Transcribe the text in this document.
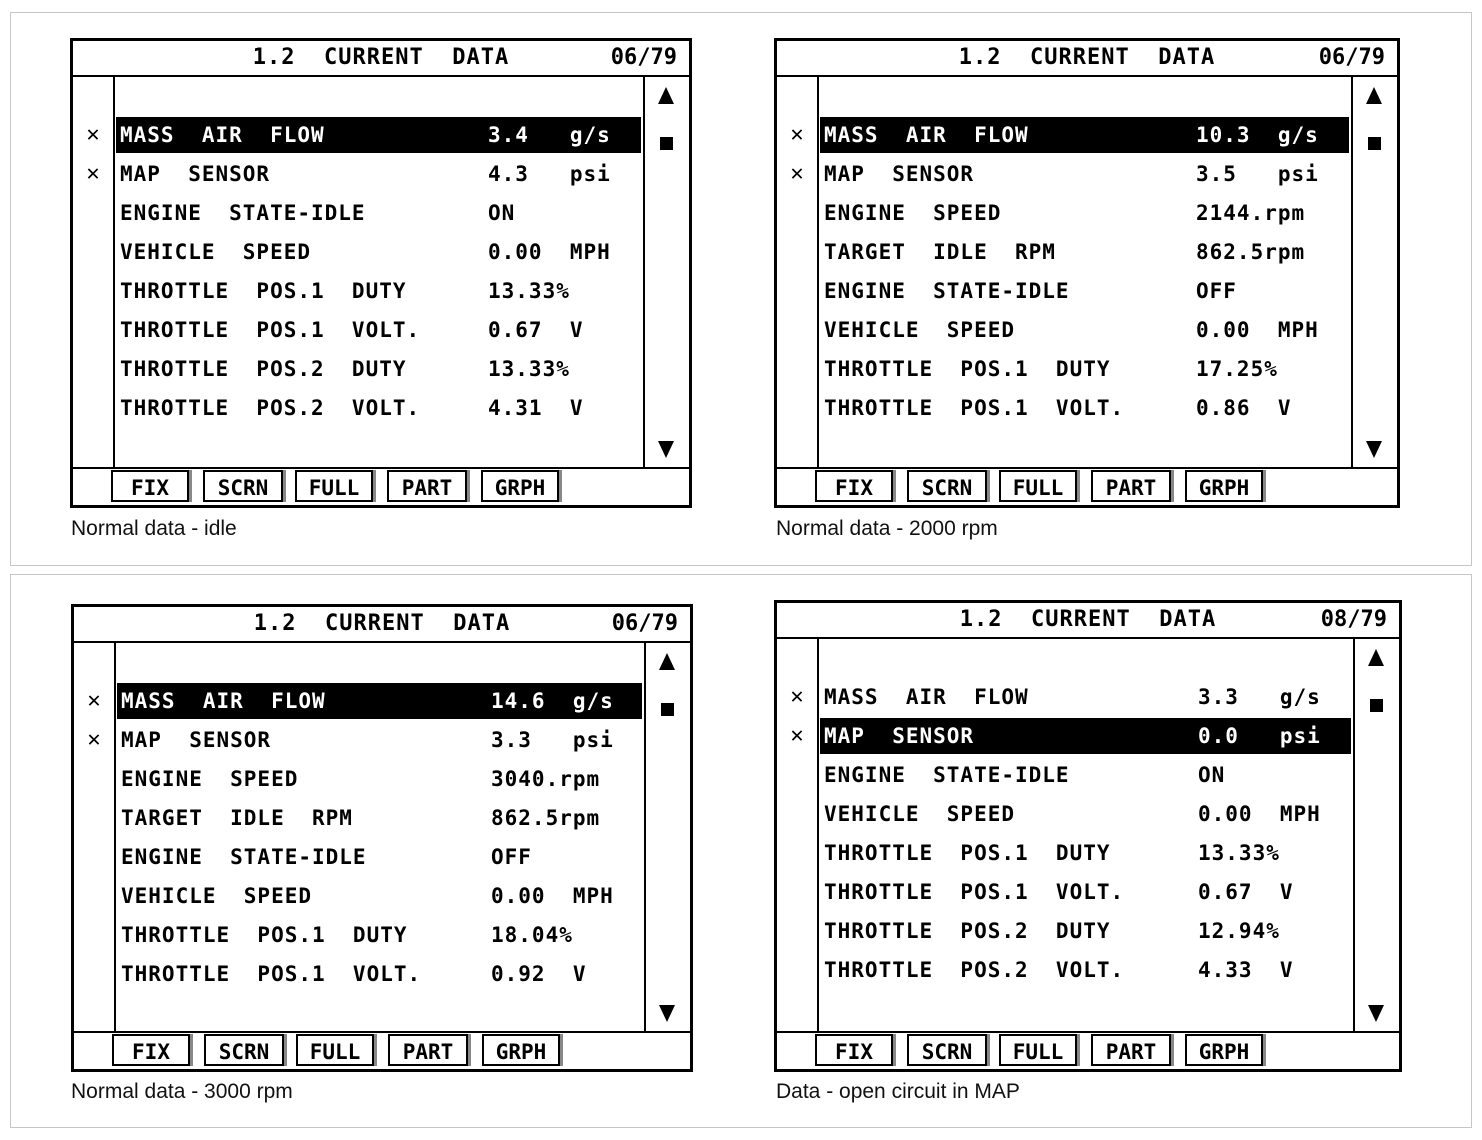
1.2  CURRENT  DATA	06/79
✕ MASS  AIR  FLOW	3.4   g/s
✕ MAP  SENSOR	4.3   psi
ENGINE  STATE-IDLE	ON
VEHICLE  SPEED	0.00  MPH
THROTTLE  POS.1  DUTY	13.33%
THROTTLE  POS.1  VOLT.	0.67  V
THROTTLE  POS.2  DUTY	13.33%
THROTTLE  POS.2  VOLT.	4.31  V
FIX	SCRN	FULL	PART	GRPH
Normal data - idle
1.2  CURRENT  DATA	06/79
✕ MASS  AIR  FLOW	10.3  g/s
✕ MAP  SENSOR	3.5   psi
ENGINE  SPEED	2144.rpm
TARGET  IDLE  RPM	862.5rpm
ENGINE  STATE-IDLE	OFF
VEHICLE  SPEED	0.00  MPH
THROTTLE  POS.1  DUTY	17.25%
THROTTLE  POS.1  VOLT.	0.86  V
FIX	SCRN	FULL	PART	GRPH
Normal data - 2000 rpm
1.2  CURRENT  DATA	06/79
✕ MASS  AIR  FLOW	14.6  g/s
✕ MAP  SENSOR	3.3   psi
ENGINE  SPEED	3040.rpm
TARGET  IDLE  RPM	862.5rpm
ENGINE  STATE-IDLE	OFF
VEHICLE  SPEED	0.00  MPH
THROTTLE  POS.1  DUTY	18.04%
THROTTLE  POS.1  VOLT.	0.92  V
FIX	SCRN	FULL	PART	GRPH
Normal data - 3000 rpm
1.2  CURRENT  DATA	08/79
✕ MASS  AIR  FLOW	3.3   g/s
✕ MAP  SENSOR	0.0   psi
ENGINE  STATE-IDLE	ON
VEHICLE  SPEED	0.00  MPH
THROTTLE  POS.1  DUTY	13.33%
THROTTLE  POS.1  VOLT.	0.67  V
THROTTLE  POS.2  DUTY	12.94%
THROTTLE  POS.2  VOLT.	4.33  V
FIX	SCRN	FULL	PART	GRPH
Data - open circuit in MAP
